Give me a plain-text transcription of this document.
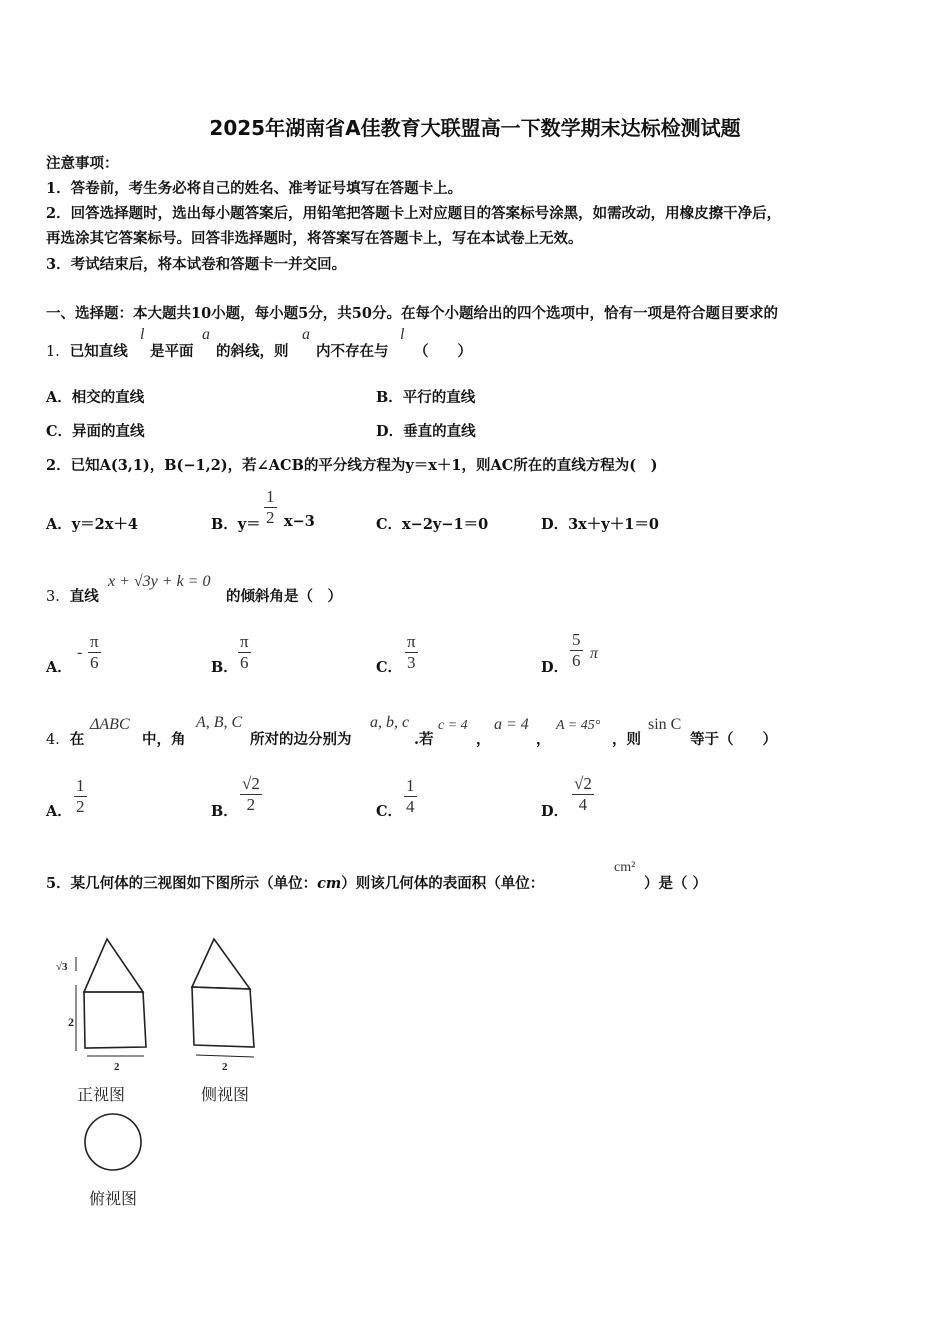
2025年湖南省A佳教育大联盟高一下数学期末达标检测试题
注意事项：
1．答卷前，考生务必将自己的姓名、准考证号填写在答题卡上。
2．回答选择题时，选出每小题答案后，用铅笔把答题卡上对应题目的答案标号涂黑，如需改动，用橡皮擦干净后，
再选涂其它答案标号。回答非选择题时，将答案写在答题卡上，写在本试卷上无效。
3．考试结束后，将本试卷和答题卡一并交回。
一、选择题：本大题共10小题，每小题5分，共50分。在每个小题给出的四个选项中，恰有一项是符合题目要求的
1．已知直线
l
是平面
a
的斜线，则
a
内不存在与
l
（　　）
A．相交的直线	B．平行的直线
C．异面的直线	D．垂直的直线
2．已知A(3,1)，B(−1,2)，若∠ACB的平分线方程为y＝x＋1，则AC所在的直线方程为(　)
A．y＝2x＋4	B．$y= \frac{1}{2} x-3$	C．x−2y−1＝0	D．3x＋y＋1＝0
3．直线
x + √3y + k = 0
的倾斜角是（　）
A．
- $\frac{\pi}{6}$	B． $\frac{\pi}{6}$	C． $\frac{\pi}{3}$	D． $\frac{5}{6}$ π
4．在
ΔABC
中，角
A, B, C
所对的边分别为
a, b, c
.若
c = 4
，
a = 4
，
A = 45°
，则
sin C
等于（　　）
A． $\frac{1}{2}$	B． $\frac{√2}{2}$	C． $\frac{1}{4}$	D． $\frac{√2}{4}$
5．某几何体的三视图如下图所示（单位：cm）则该几何体的表面积（单位：
cm²
）是（ ）
√3
2
2	2
正视图	侧视图
俯视图
